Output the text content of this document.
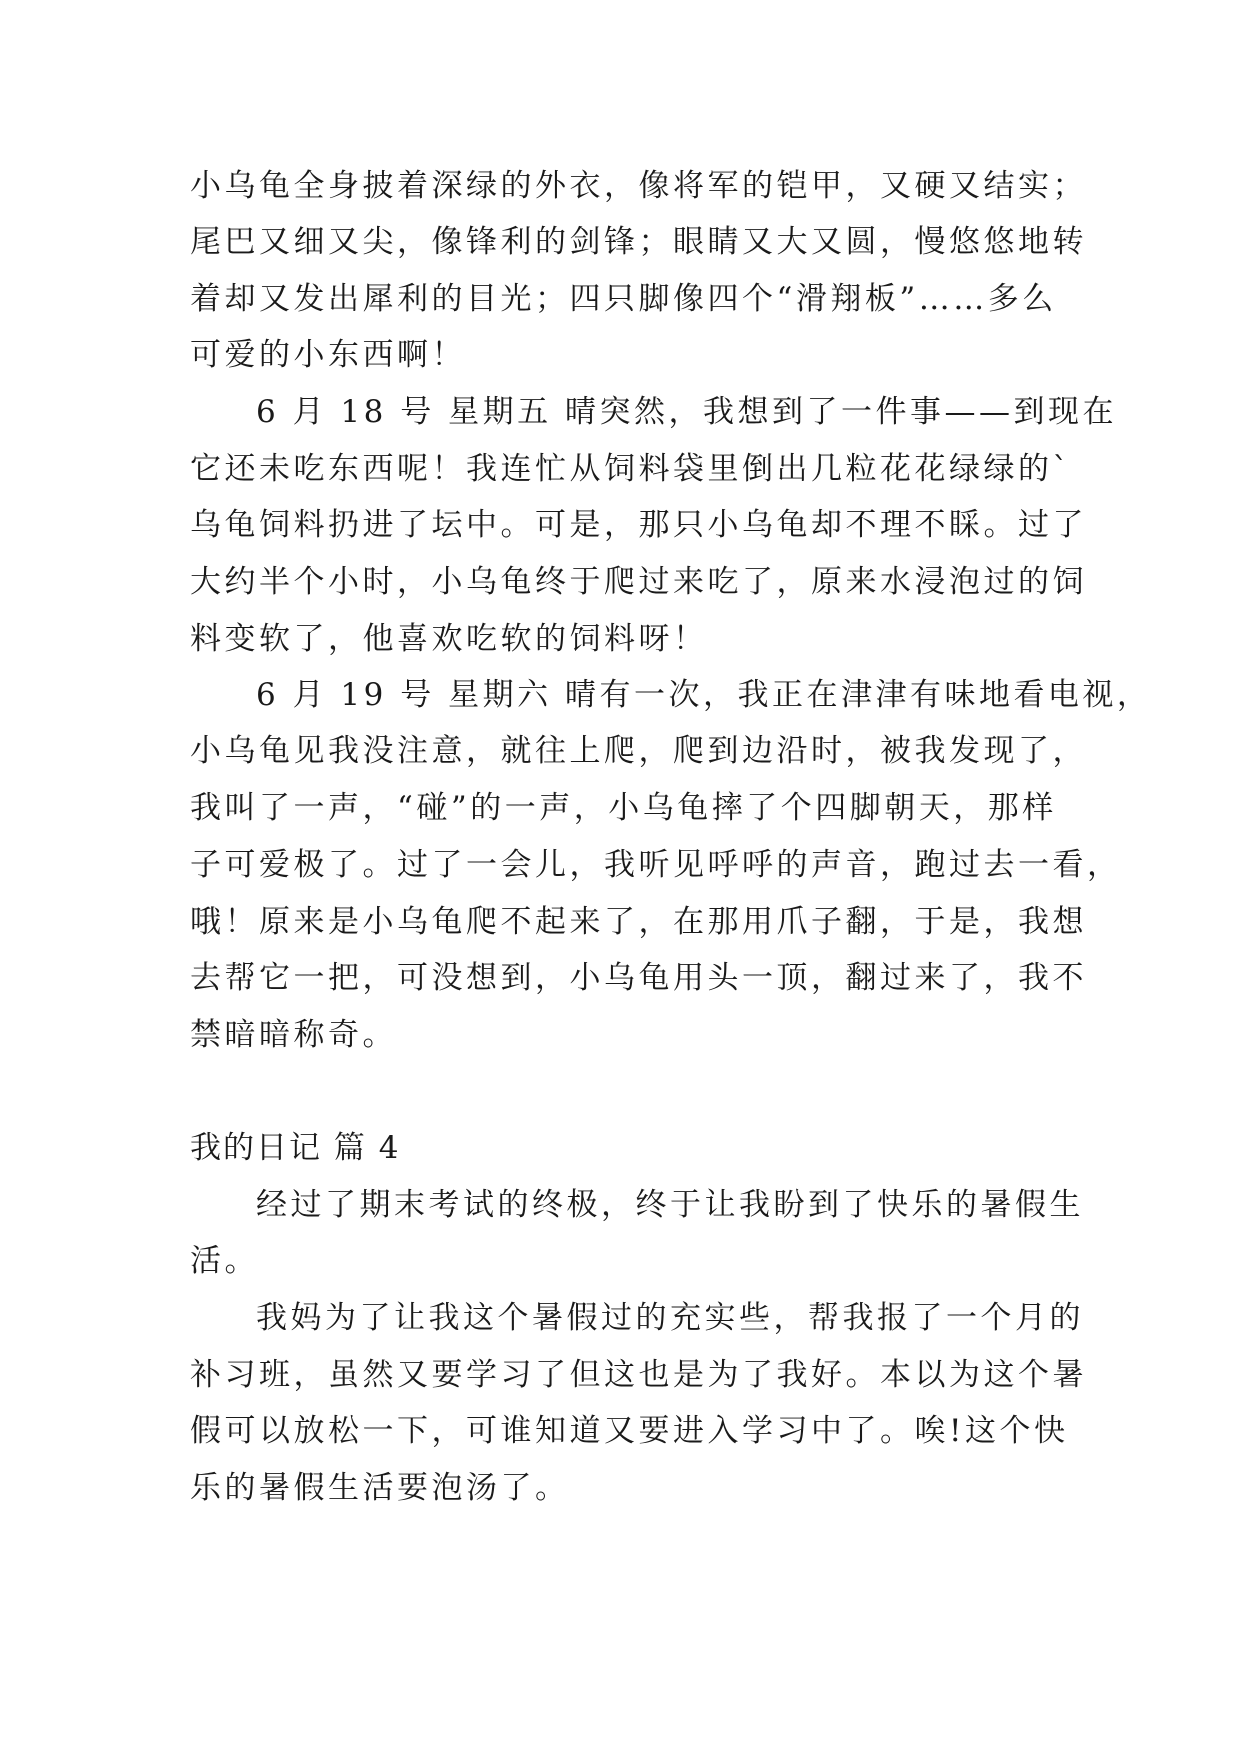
小乌龟全身披着深绿的外衣，像将军的铠甲，又硬又结实；
尾巴又细又尖，像锋利的剑锋；眼睛又大又圆，慢悠悠地转
着却又发出犀利的目光；四只脚像四个“滑翔板”……多么
可爱的小东西啊！
6 月 18 号 星期五 晴突然，我想到了一件事——到现在
它还未吃东西呢！我连忙从饲料袋里倒出几粒花花绿绿的`
乌龟饲料扔进了坛中。可是，那只小乌龟却不理不睬。过了
大约半个小时，小乌龟终于爬过来吃了，原来水浸泡过的饲
料变软了，他喜欢吃软的饲料呀！
6 月 19 号 星期六 晴有一次，我正在津津有味地看电视，
小乌龟见我没注意，就往上爬，爬到边沿时，被我发现了，
我叫了一声，“碰”的一声，小乌龟摔了个四脚朝天，那样
子可爱极了。过了一会儿，我听见呼呼的声音，跑过去一看，
哦！原来是小乌龟爬不起来了，在那用爪子翻，于是，我想
去帮它一把，可没想到，小乌龟用头一顶，翻过来了，我不
禁暗暗称奇。
我的日记 篇 4
经过了期末考试的终极，终于让我盼到了快乐的暑假生
活。
我妈为了让我这个暑假过的充实些，帮我报了一个月的
补习班，虽然又要学习了但这也是为了我好。本以为这个暑
假可以放松一下，可谁知道又要进入学习中了。唉!这个快
乐的暑假生活要泡汤了。
